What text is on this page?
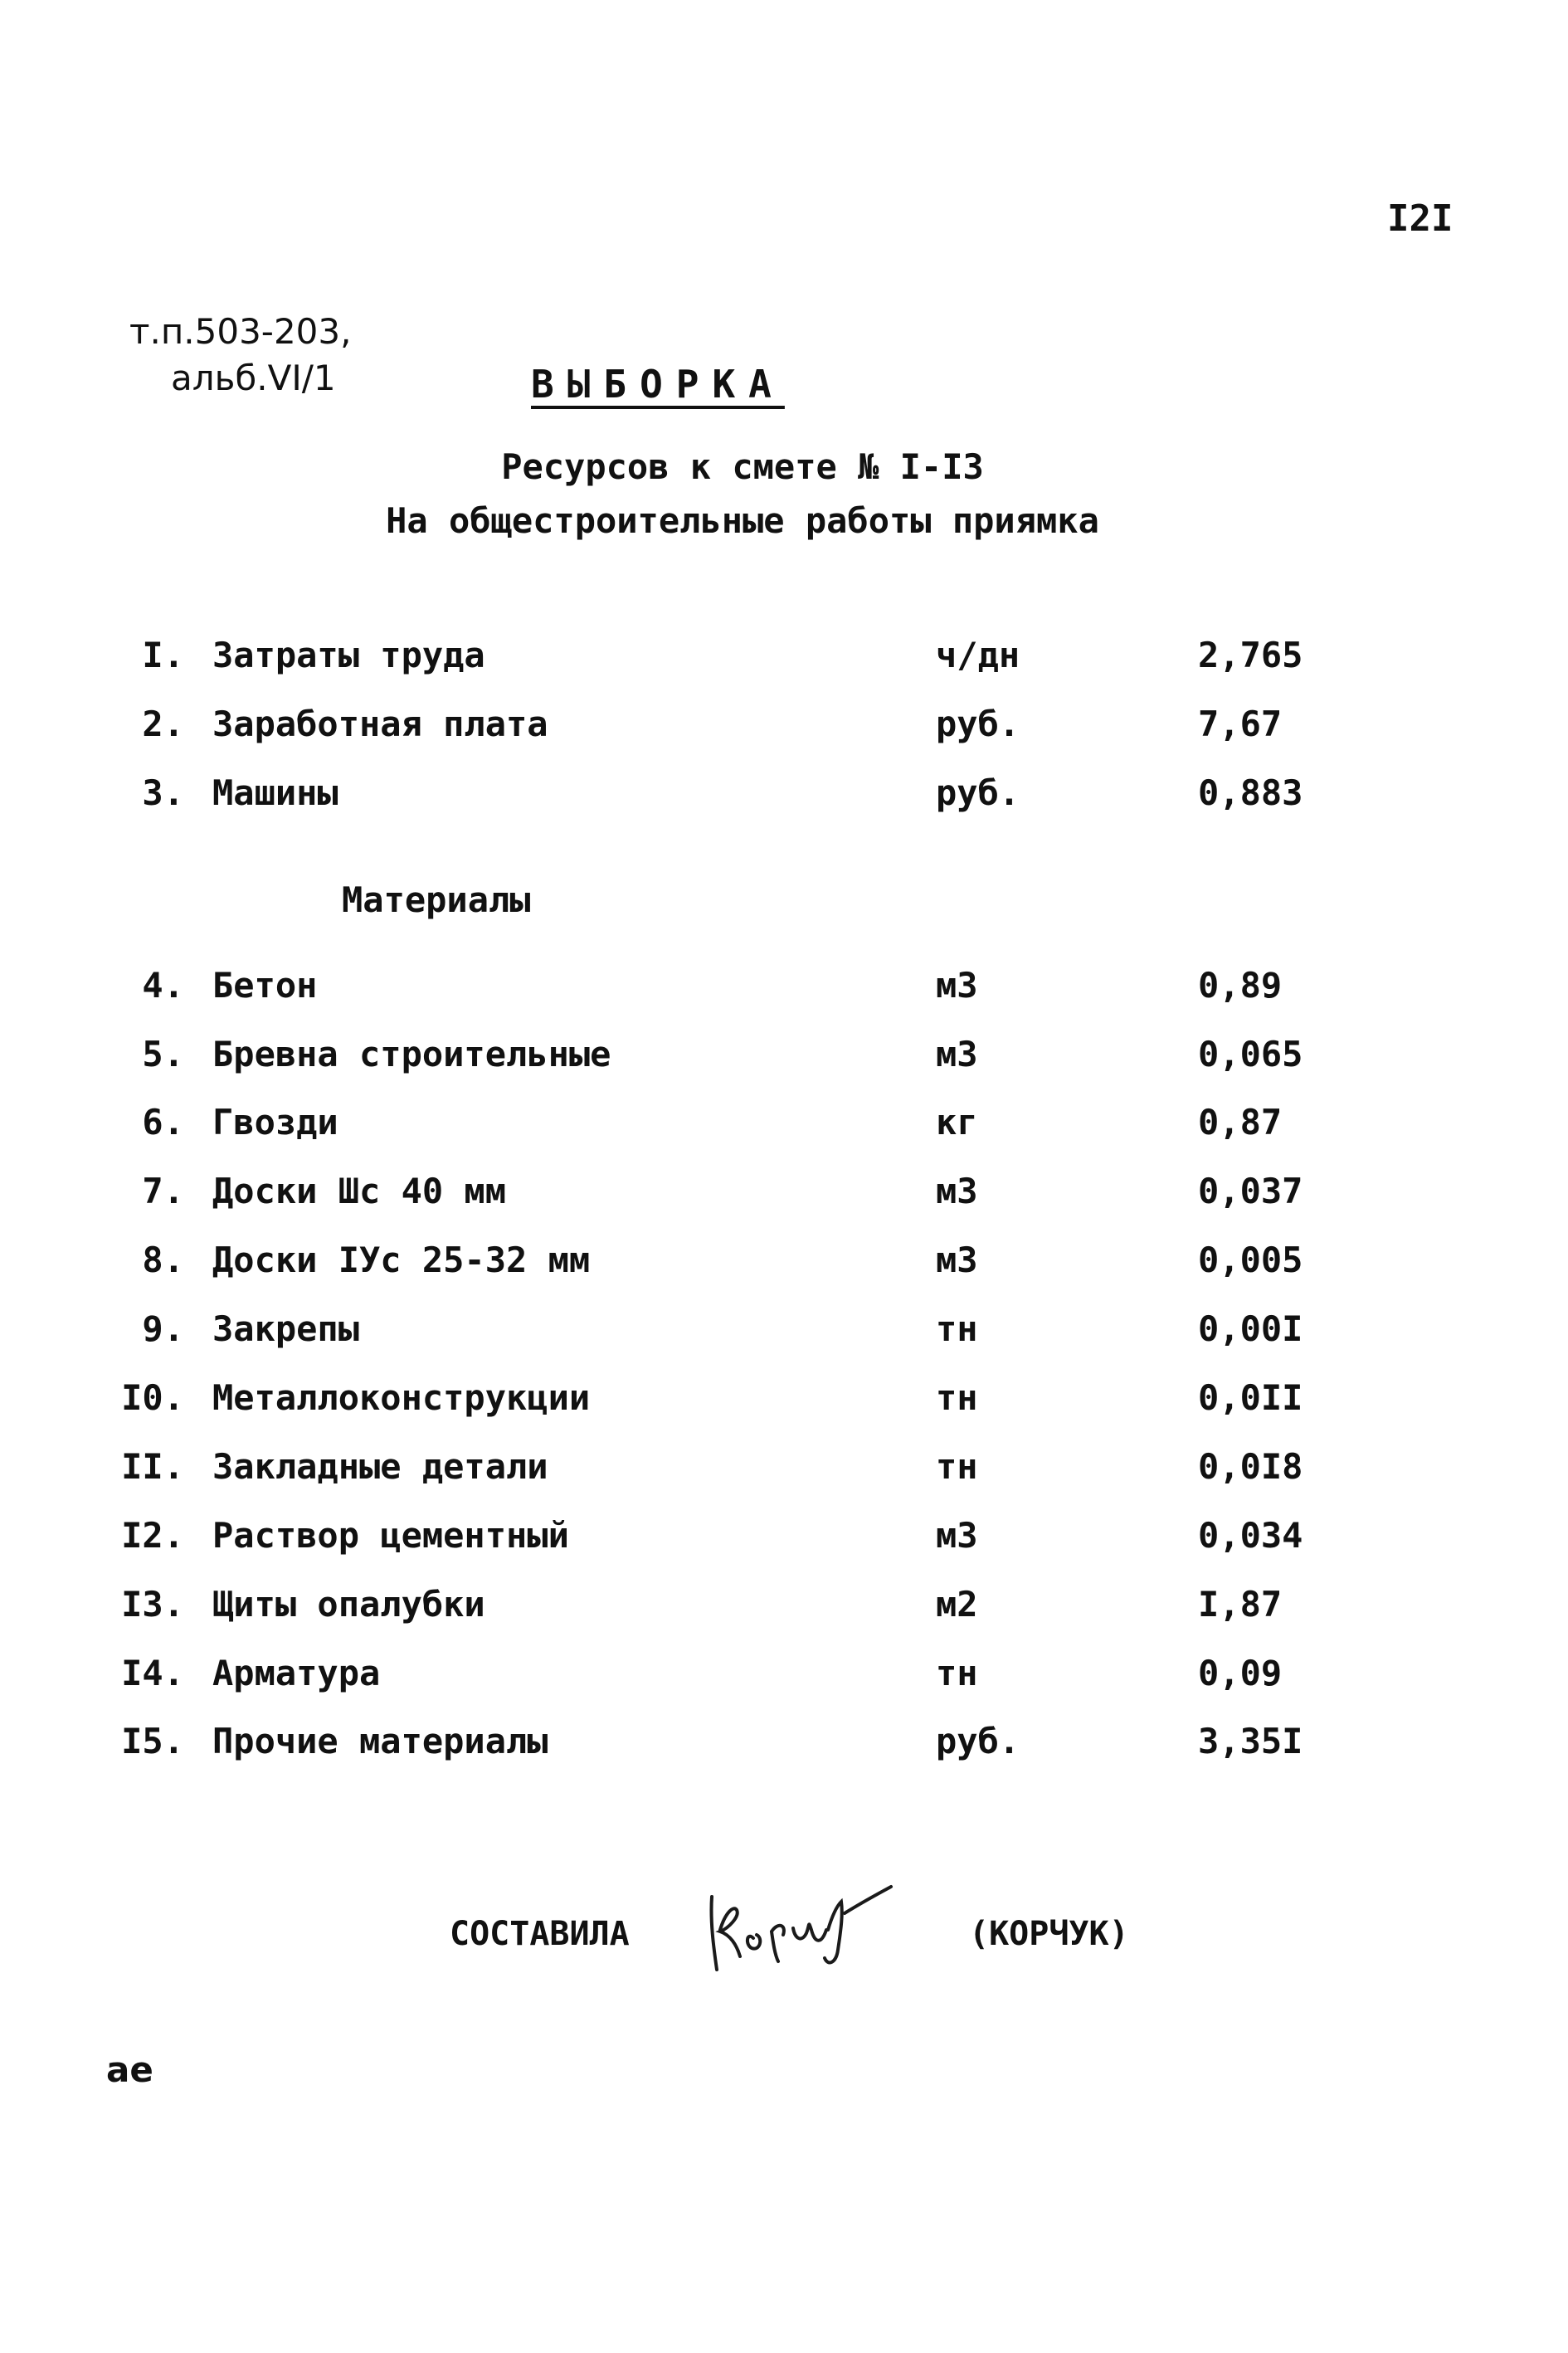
I2I
т.п.503-203,
альб.VI/1	ВЫБОРКА
Ресурсов к смете № I-I3
На общестроительные работы приямка
I. Затраты труда	ч/дн	2,765
2. Заработная плата	руб.	7,67
3. Машины	руб.	0,883
Материалы
4. Бетон	м3	0,89
5. Бревна строительные	м3	0,065
6. Гвозди	кг	0,87
7. Доски Шс 40 мм	м3	0,037
8. Доски IУс 25-32 мм	м3	0,005
9. Закрепы	тн	0,00I
I0. Металлоконструкции	тн	0,0II
II. Закладные детали	тн	0,0I8
I2. Раствор цементный	м3	0,034
I3. Щиты опалубки	м2	I,87
I4. Арматура	тн	0,09
I5. Прочие материалы	руб.	3,35I
СОСТАВИЛА	(КОРЧУК)
ae
